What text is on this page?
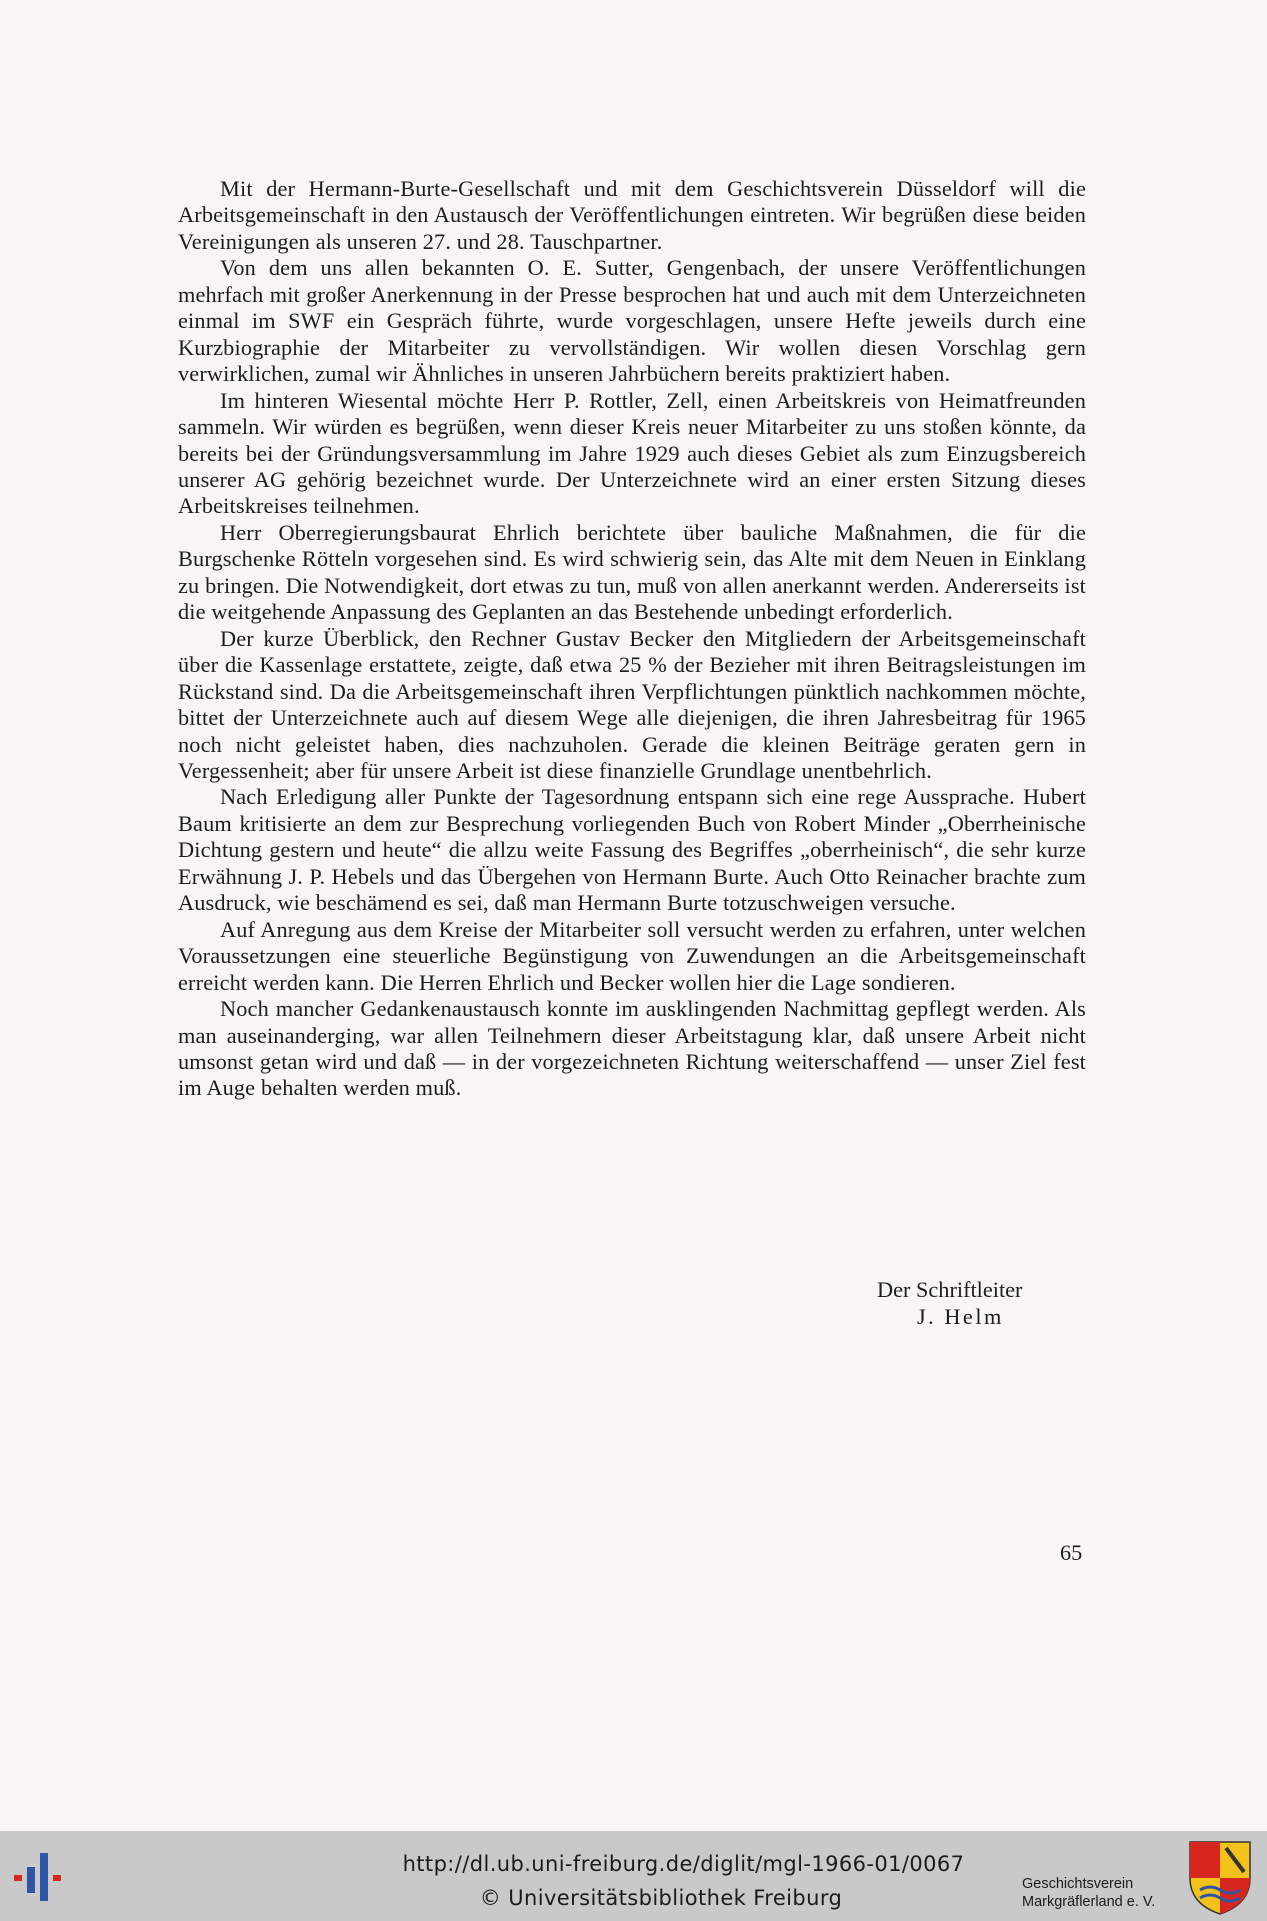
Mit der Hermann-Burte-Gesellschaft und mit dem Geschichtsverein Düsseldorf will die Arbeitsgemeinschaft in den Austausch der Veröffentlichungen eintreten. Wir begrüßen diese beiden Vereinigungen als unseren 27. und 28. Tauschpartner.

Von dem uns allen bekannten O. E. Sutter, Gengenbach, der unsere Veröffentlichungen mehrfach mit großer Anerkennung in der Presse besprochen hat und auch mit dem Unterzeichneten einmal im SWF ein Gespräch führte, wurde vorgeschlagen, unsere Hefte jeweils durch eine Kurzbiographie der Mitarbeiter zu vervollständigen. Wir wollen diesen Vorschlag gern verwirklichen, zumal wir Ähnliches in unseren Jahrbüchern bereits praktiziert haben.

Im hinteren Wiesental möchte Herr P. Rottler, Zell, einen Arbeitskreis von Heimatfreunden sammeln. Wir würden es begrüßen, wenn dieser Kreis neuer Mitarbeiter zu uns stoßen könnte, da bereits bei der Gründungsversammlung im Jahre 1929 auch dieses Gebiet als zum Einzugsbereich unserer AG gehörig bezeichnet wurde. Der Unterzeichnete wird an einer ersten Sitzung dieses Arbeitskreises teilnehmen.

Herr Oberregierungsbaurat Ehrlich berichtete über bauliche Maßnahmen, die für die Burgschenke Rötteln vorgesehen sind. Es wird schwierig sein, das Alte mit dem Neuen in Einklang zu bringen. Die Notwendigkeit, dort etwas zu tun, muß von allen anerkannt werden. Andererseits ist die weitgehende Anpassung des Geplanten an das Bestehende unbedingt erforderlich.

Der kurze Überblick, den Rechner Gustav Becker den Mitgliedern der Arbeitsgemeinschaft über die Kassenlage erstattete, zeigte, daß etwa 25 % der Bezieher mit ihren Beitragsleistungen im Rückstand sind. Da die Arbeitsgemeinschaft ihren Verpflichtungen pünktlich nachkommen möchte, bittet der Unterzeichnete auch auf diesem Wege alle diejenigen, die ihren Jahresbeitrag für 1965 noch nicht geleistet haben, dies nachzuholen. Gerade die kleinen Beiträge geraten gern in Vergessenheit; aber für unsere Arbeit ist diese finanzielle Grundlage unentbehrlich.

Nach Erledigung aller Punkte der Tagesordnung entspann sich eine rege Aussprache. Hubert Baum kritisierte an dem zur Besprechung vorliegenden Buch von Robert Minder „Oberrheinische Dichtung gestern und heute“ die allzu weite Fassung des Begriffes „oberrheinisch“, die sehr kurze Erwähnung J. P. Hebels und das Übergehen von Hermann Burte. Auch Otto Reinacher brachte zum Ausdruck, wie beschämend es sei, daß man Hermann Burte totzuschweigen versuche.

Auf Anregung aus dem Kreise der Mitarbeiter soll versucht werden zu erfahren, unter welchen Voraussetzungen eine steuerliche Begünstigung von Zuwendungen an die Arbeitsgemeinschaft erreicht werden kann. Die Herren Ehrlich und Becker wollen hier die Lage sondieren.

Noch mancher Gedankenaustausch konnte im ausklingenden Nachmittag gepflegt werden. Als man auseinanderging, war allen Teilnehmern dieser Arbeitstagung klar, daß unsere Arbeit nicht umsonst getan wird und daß — in der vorgezeichneten Richtung weiterschaffend — unser Ziel fest im Auge behalten werden muß.

Der Schriftleiter
J. Helm
65
http://dl.ub.uni-freiburg.de/diglit/mgl-1966-01/0067
© Universitätsbibliothek Freiburg
Geschichtsverein
Markgräflerland e. V.
